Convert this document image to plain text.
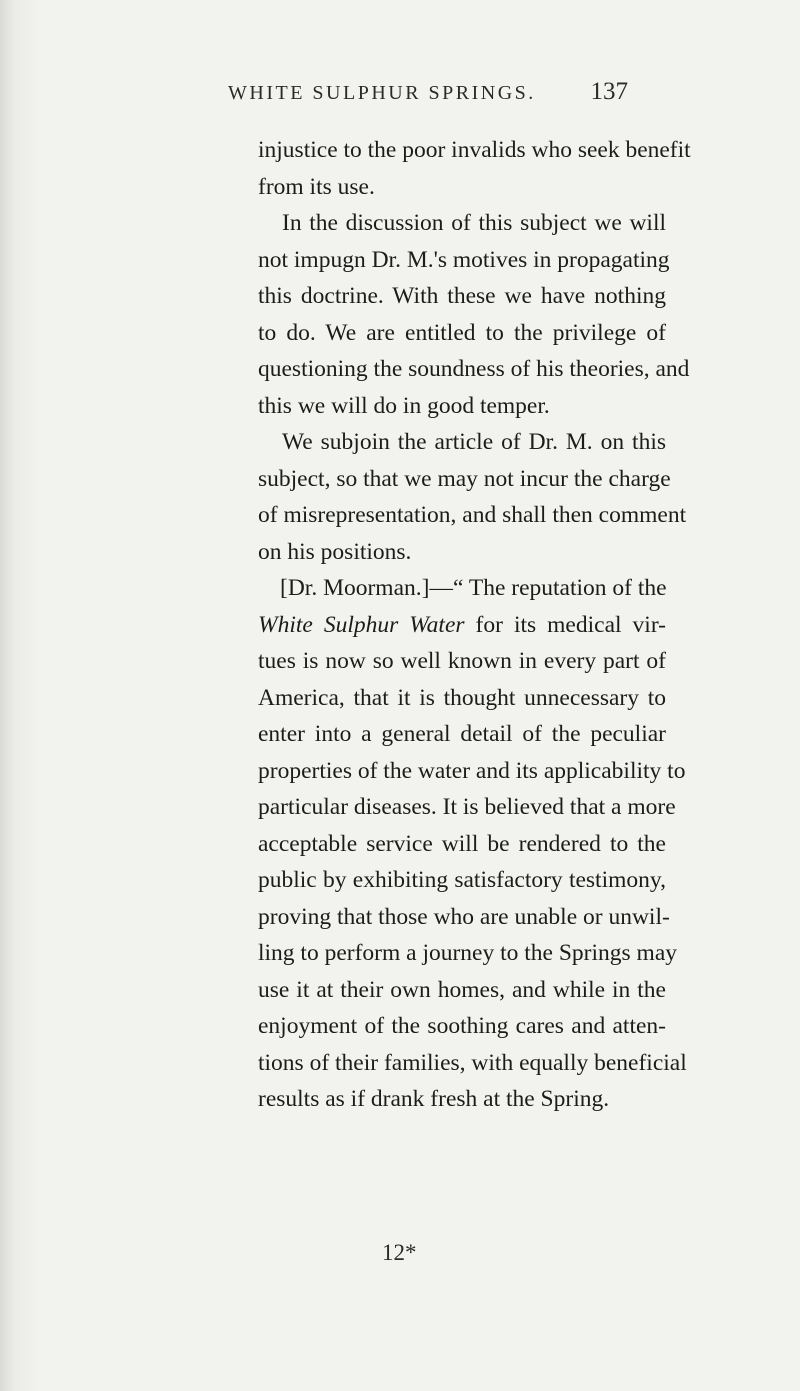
WHITE SULPHUR SPRINGS.	137
injustice to the poor invalids who seek benefit
from its use.
In the discussion of this subject we will
not impugn Dr. M.'s motives in propagating
this doctrine. With these we have nothing
to do. We are entitled to the privilege of
questioning the soundness of his theories, and
this we will do in good temper.
We subjoin the article of Dr. M. on this
subject, so that we may not incur the charge
of misrepresentation, and shall then comment
on his positions.
[Dr. Moorman.]—“ The reputation of the
White Sulphur Water for its medical vir-
tues is now so well known in every part of
America, that it is thought unnecessary to
enter into a general detail of the peculiar
properties of the water and its applicability to
particular diseases. It is believed that a more
acceptable service will be rendered to the
public by exhibiting satisfactory testimony,
proving that those who are unable or unwil-
ling to perform a journey to the Springs may
use it at their own homes, and while in the
enjoyment of the soothing cares and atten-
tions of their families, with equally beneficial
results as if drank fresh at the Spring.
12*
